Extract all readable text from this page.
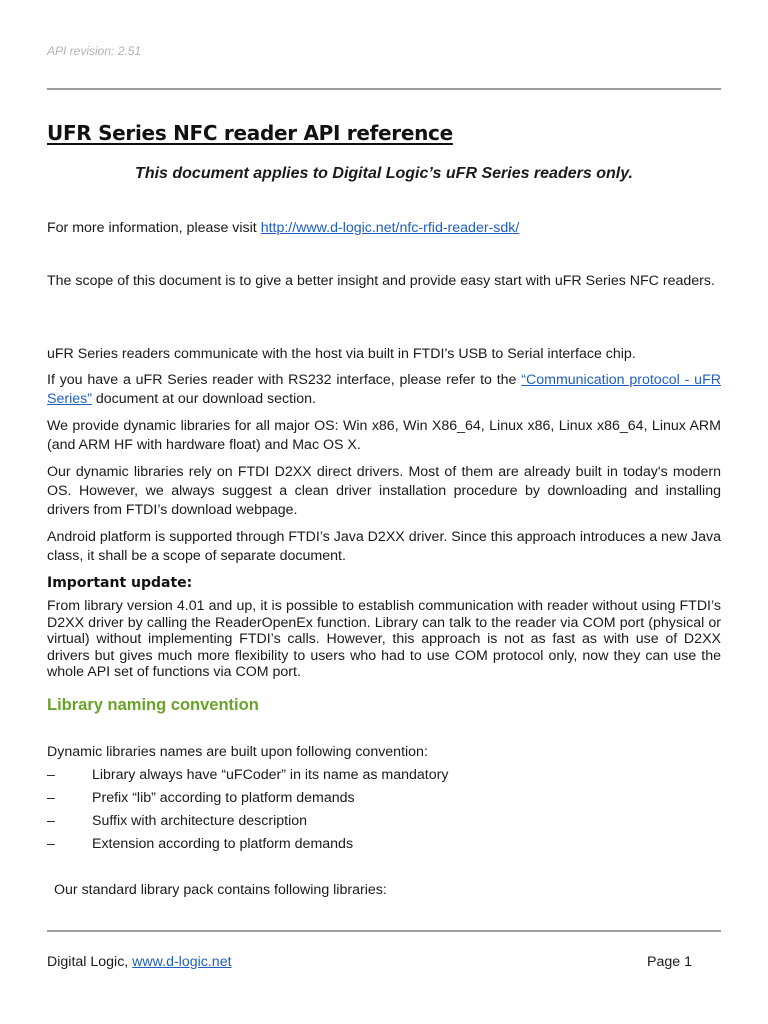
API revision: 2.51
UFR Series NFC reader API reference
This document applies to Digital Logic’s uFR Series readers only.
For more information, please visit http://www.d-logic.net/nfc-rfid-reader-sdk/
The scope of this document is to give a better insight and provide easy start with uFR Series NFC readers.
uFR Series readers communicate with the host via built in FTDI’s USB to Serial interface chip.
If you have a uFR Series reader with RS232 interface, please refer to the “Communication protocol - uFR Series” document at our download section.
We provide dynamic libraries for all major OS: Win x86, Win X86_64, Linux x86, Linux x86_64, Linux ARM (and ARM HF with hardware float) and Mac OS X.
Our dynamic libraries rely on FTDI D2XX direct drivers. Most of them are already built in today's modern OS. However, we always suggest a clean driver installation procedure by downloading and installing drivers from FTDI’s download webpage.
Android platform is supported through FTDI’s Java D2XX driver. Since this approach introduces a new Java class, it shall be a scope of separate document.
Important update:
From library version 4.01 and up, it is possible to establish communication with reader without using FTDI’s D2XX driver by calling the ReaderOpenEx function. Library can talk to the reader via COM port (physical or virtual) without implementing FTDI’s calls. However, this approach is not as fast as with use of D2XX drivers but gives much more flexibility to users who had to use COM protocol only, now they can use the whole API set of functions via COM port.
Library naming convention
Dynamic libraries names are built upon following convention:
–	Library always have “uFCoder” in its name as mandatory
–	Prefix “lib” according to platform demands
–	Suffix with architecture description
–	Extension according to platform demands
Our standard library pack contains following libraries:
Digital Logic, www.d-logic.net	Page 1
